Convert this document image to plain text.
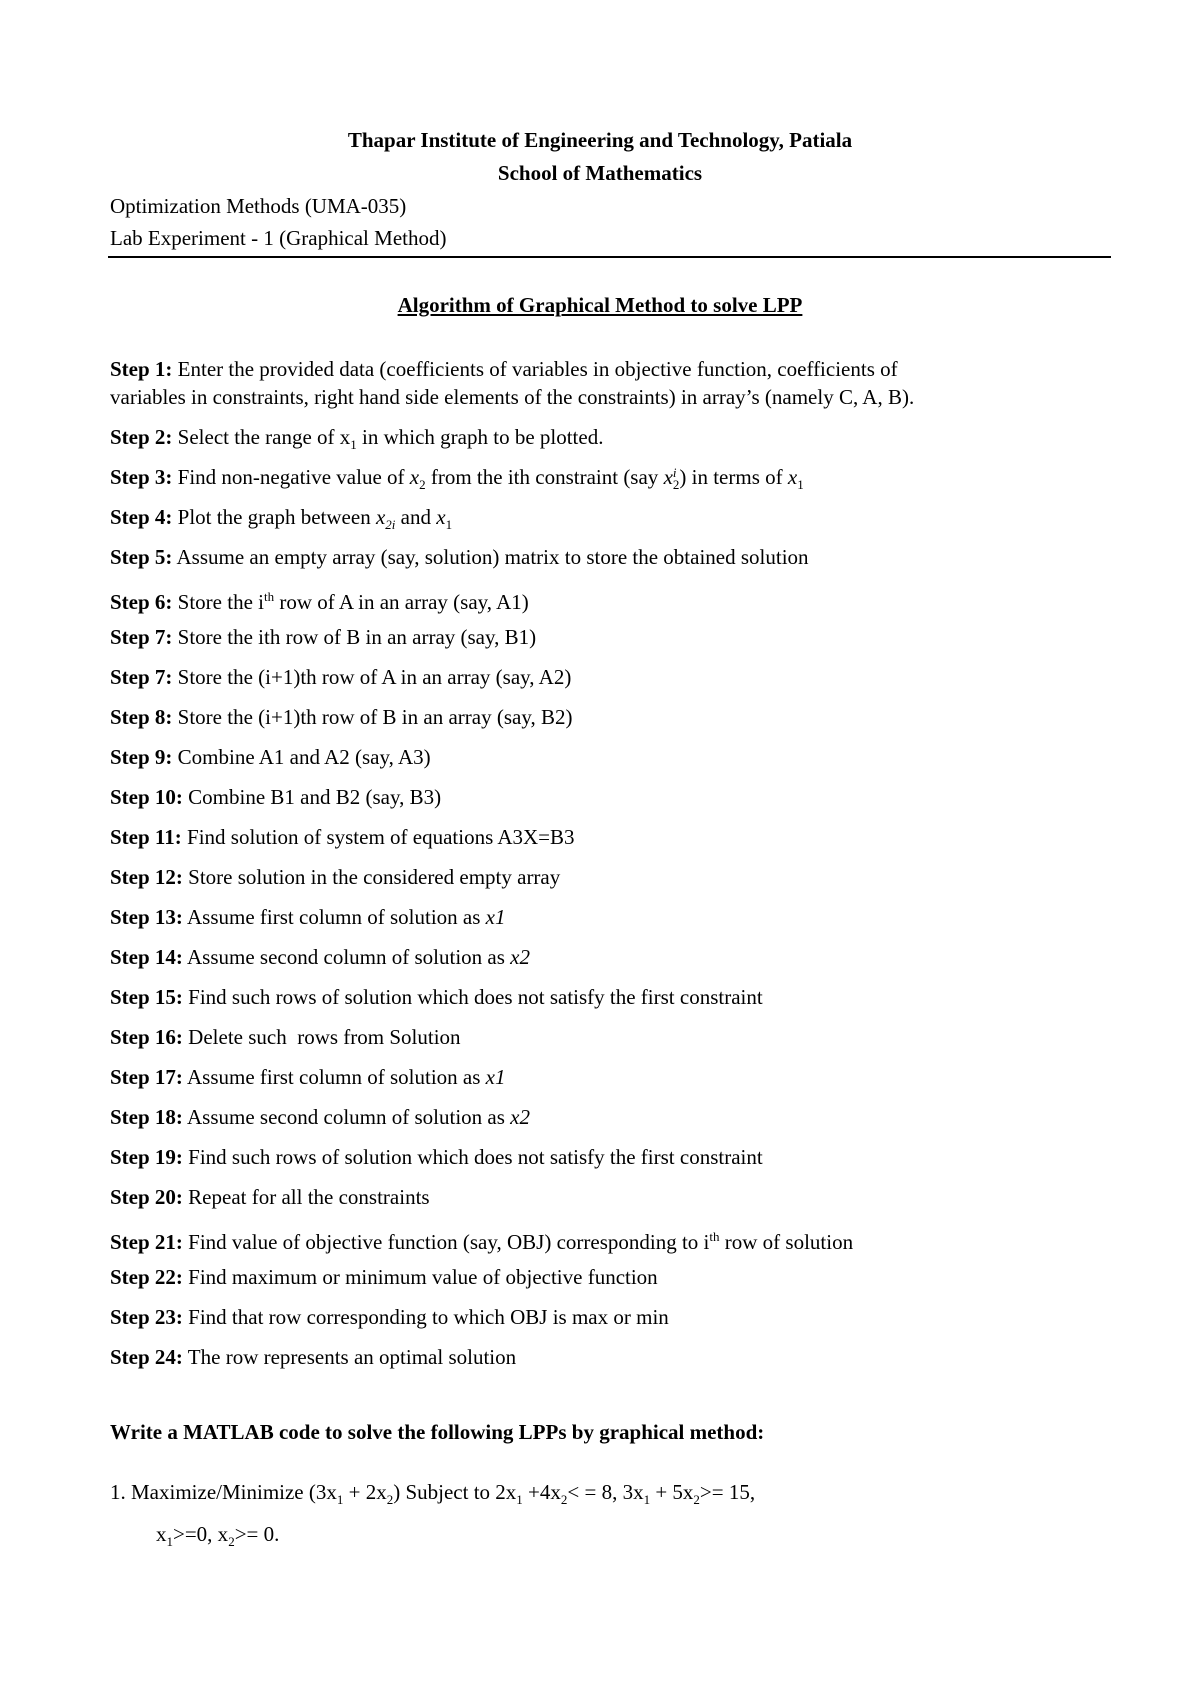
Thapar Institute of Engineering and Technology, Patiala
School of Mathematics
Optimization Methods (UMA-035)
Lab Experiment - 1 (Graphical Method)
Algorithm of Graphical Method to solve LPP
Step 1: Enter the provided data (coefficients of variables in objective function, coefficients of
variables in constraints, right hand side elements of the constraints) in array’s (namely C, A, B).
Step 2: Select the range of $x_1$ in which graph to be plotted.
Step 3: Find non-negative value of $x_2$ from the ith constraint (say x i
2 ) in terms of $x_1$
Step 4: Plot the graph between $x_{2i}$ and $x_1$
Step 5: Assume an empty array (say, solution) matrix to store the obtained solution
Step 6: Store the $i^{th}$ row of A in an array (say, A1)
Step 7: Store the ith row of B in an array (say, B1)
Step 7: Store the (i+1)th row of A in an array (say, A2)
Step 8: Store the (i+1)th row of B in an array (say, B2)
Step 9: Combine A1 and A2 (say, A3)
Step 10: Combine B1 and B2 (say, B3)
Step 11: Find solution of system of equations A3X=B3
Step 12: Store solution in the considered empty array
Step 13: Assume first column of solution as x1
Step 14: Assume second column of solution as x2
Step 15: Find such rows of solution which does not satisfy the first constraint
Step 16: Delete such  rows from Solution
Step 17: Assume first column of solution as x1
Step 18: Assume second column of solution as x2
Step 19: Find such rows of solution which does not satisfy the first constraint
Step 20: Repeat for all the constraints
Step 21: Find value of objective function (say, OBJ) corresponding to $i^{th}$ row of solution
Step 22: Find maximum or minimum value of objective function
Step 23: Find that row corresponding to which OBJ is max or min
Step 24: The row represents an optimal solution
Write a MATLAB code to solve the following LPPs by graphical method:
1. Maximize/Minimize $(3x_1 + 2x_2)$ Subject to $2x_1 +4x_2< = 8$, $3x_1 + 5x_2>= 15$,
$x_1>=0$, $x_2>= 0$.
